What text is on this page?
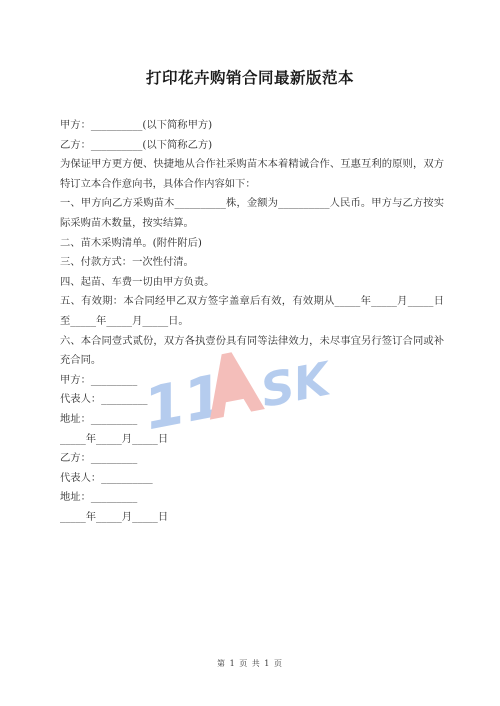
打印花卉购销合同最新版范本

甲方：__________(以下简称甲方)

乙方：__________(以下简称乙方)

为保证甲方更方便、快捷地从合作社采购苗木本着精诚合作、互惠互利的原则，双方特订立本合作意向书，具体合作内容如下：

一、甲方向乙方采购苗木__________株，金额为__________人民币。甲方与乙方按实际采购苗木数量，按实结算。

二、苗木采购清单。(附件附后)

三、付款方式：一次性付清。

四、起苗、车费一切由甲方负责。

五、有效期：本合同经甲乙双方签字盖章后有效，有效期从_____年_____月_____日至_____年_____月_____日。

六、本合同壹式贰份，双方各执壹份具有同等法律效力，未尽事宜另行签订合同或补充合同。

甲方：_________

代表人：_________

地址：_________

_____年_____月_____日

乙方：_________

代表人：__________

地址：_________

_____年_____月_____日

11 SK
第 1 页 共 1 页
